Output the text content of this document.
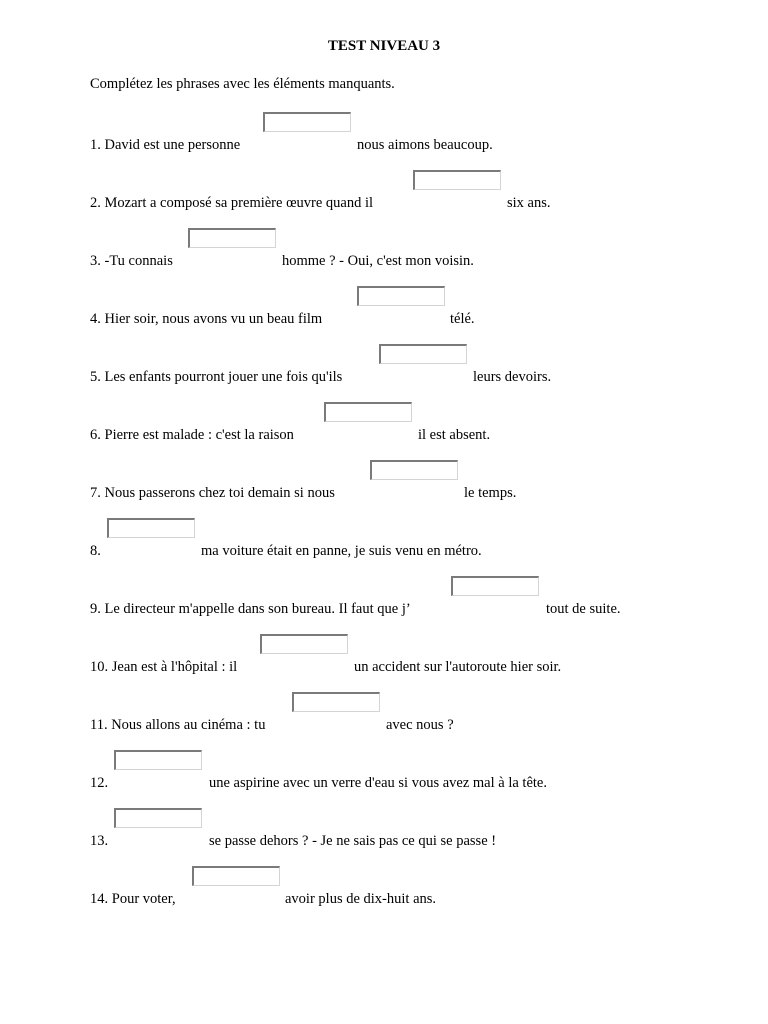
TEST NIVEAU 3
Complétez les phrases avec les éléments manquants.
1. David est une personne	nous aimons beaucoup.
2. Mozart a composé sa première œuvre quand il	six ans.
3. -Tu connais	homme ? - Oui, c'est mon voisin.
4. Hier soir, nous avons vu un beau film	télé.
5. Les enfants pourront jouer une fois qu'ils	leurs devoirs.
6. Pierre est malade : c'est la raison	il est absent.
7. Nous passerons chez toi demain si nous	le temps.
8.	ma voiture était en panne, je suis venu en métro.
9. Le directeur m'appelle dans son bureau. Il faut que j’	tout de suite.
10. Jean est à l'hôpital : il	un accident sur l'autoroute hier soir.
11. Nous allons au cinéma : tu	avec nous ?
12.	une aspirine avec un verre d'eau si vous avez mal à la tête.
13.	se passe dehors ? - Je ne sais pas ce qui se passe !
14. Pour voter,	avoir plus de dix-huit ans.
